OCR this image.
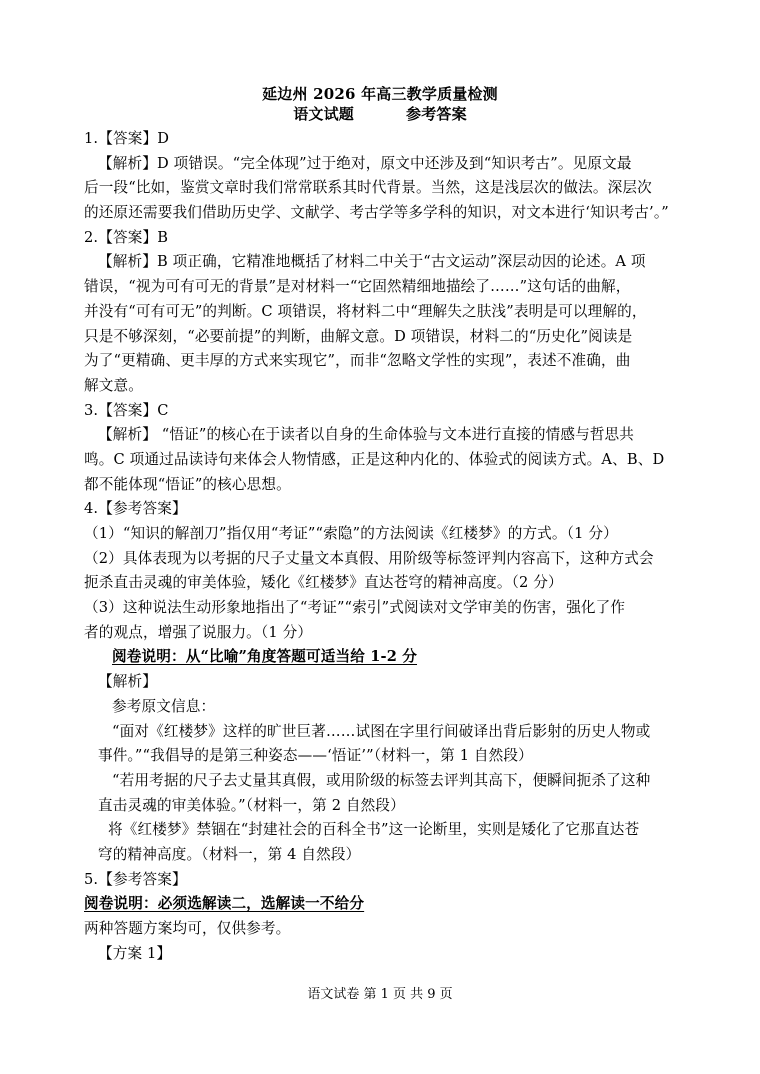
延边州 2026 年高三教学质量检测
语文试题	参考答案
1.【答案】D
【解析】D 项错误。“完全体现”过于绝对，原文中还涉及到“知识考古”。见原文最
后一段“比如，鉴赏文章时我们常常联系其时代背景。当然，这是浅层次的做法。深层次
的还原还需要我们借助历史学、文献学、考古学等多学科的知识，对文本进行‘知识考古’。”
2.【答案】B
【解析】B 项正确，它精准地概括了材料二中关于“古文运动”深层动因的论述。A 项
错误，“视为可有可无的背景”是对材料一“它固然精细地描绘了……”这句话的曲解，
并没有“可有可无”的判断。C 项错误，将材料二中“理解失之肤浅”表明是可以理解的，
只是不够深刻，“必要前提”的判断，曲解文意。D 项错误，材料二的“历史化”阅读是
为了“更精确、更丰厚的方式来实现它”，而非“忽略文学性的实现”，表述不准确，曲
解文意。
3.【答案】C
【解析】 “悟证”的核心在于读者以自身的生命体验与文本进行直接的情感与哲思共
鸣。C 项通过品读诗句来体会人物情感，正是这种内化的、体验式的阅读方式。A、B、D
都不能体现“悟证”的核心思想。
4.【参考答案】
（1）“知识的解剖刀”指仅用“考证”“索隐”的方法阅读《红楼梦》的方式。（1 分）
（2）具体表现为以考据的尺子丈量文本真假、用阶级等标签评判内容高下，这种方式会
扼杀直击灵魂的审美体验，矮化《红楼梦》直达苍穹的精神高度。（2 分）
（3）这种说法生动形象地指出了“考证”“索引”式阅读对文学审美的伤害，强化了作
者的观点，增强了说服力。（1 分）
阅卷说明：从“比喻”角度答题可适当给 1-2 分
【解析】
参考原文信息：
“面对《红楼梦》这样的旷世巨著……试图在字里行间破译出背后影射的历史人物或
事件。”“我倡导的是第三种姿态——‘悟证’”（材料一，第 1 自然段）
“若用考据的尺子去丈量其真假，或用阶级的标签去评判其高下，便瞬间扼杀了这种
直击灵魂的审美体验。”（材料一，第 2 自然段）
将《红楼梦》禁锢在“封建社会的百科全书”这一论断里，实则是矮化了它那直达苍
穹的精神高度。（材料一，第 4 自然段）
5.【参考答案】
阅卷说明：必须选解读二，选解读一不给分
两种答题方案均可，仅供参考。
【方案 1】
语文试卷 第 1 页 共 9 页
